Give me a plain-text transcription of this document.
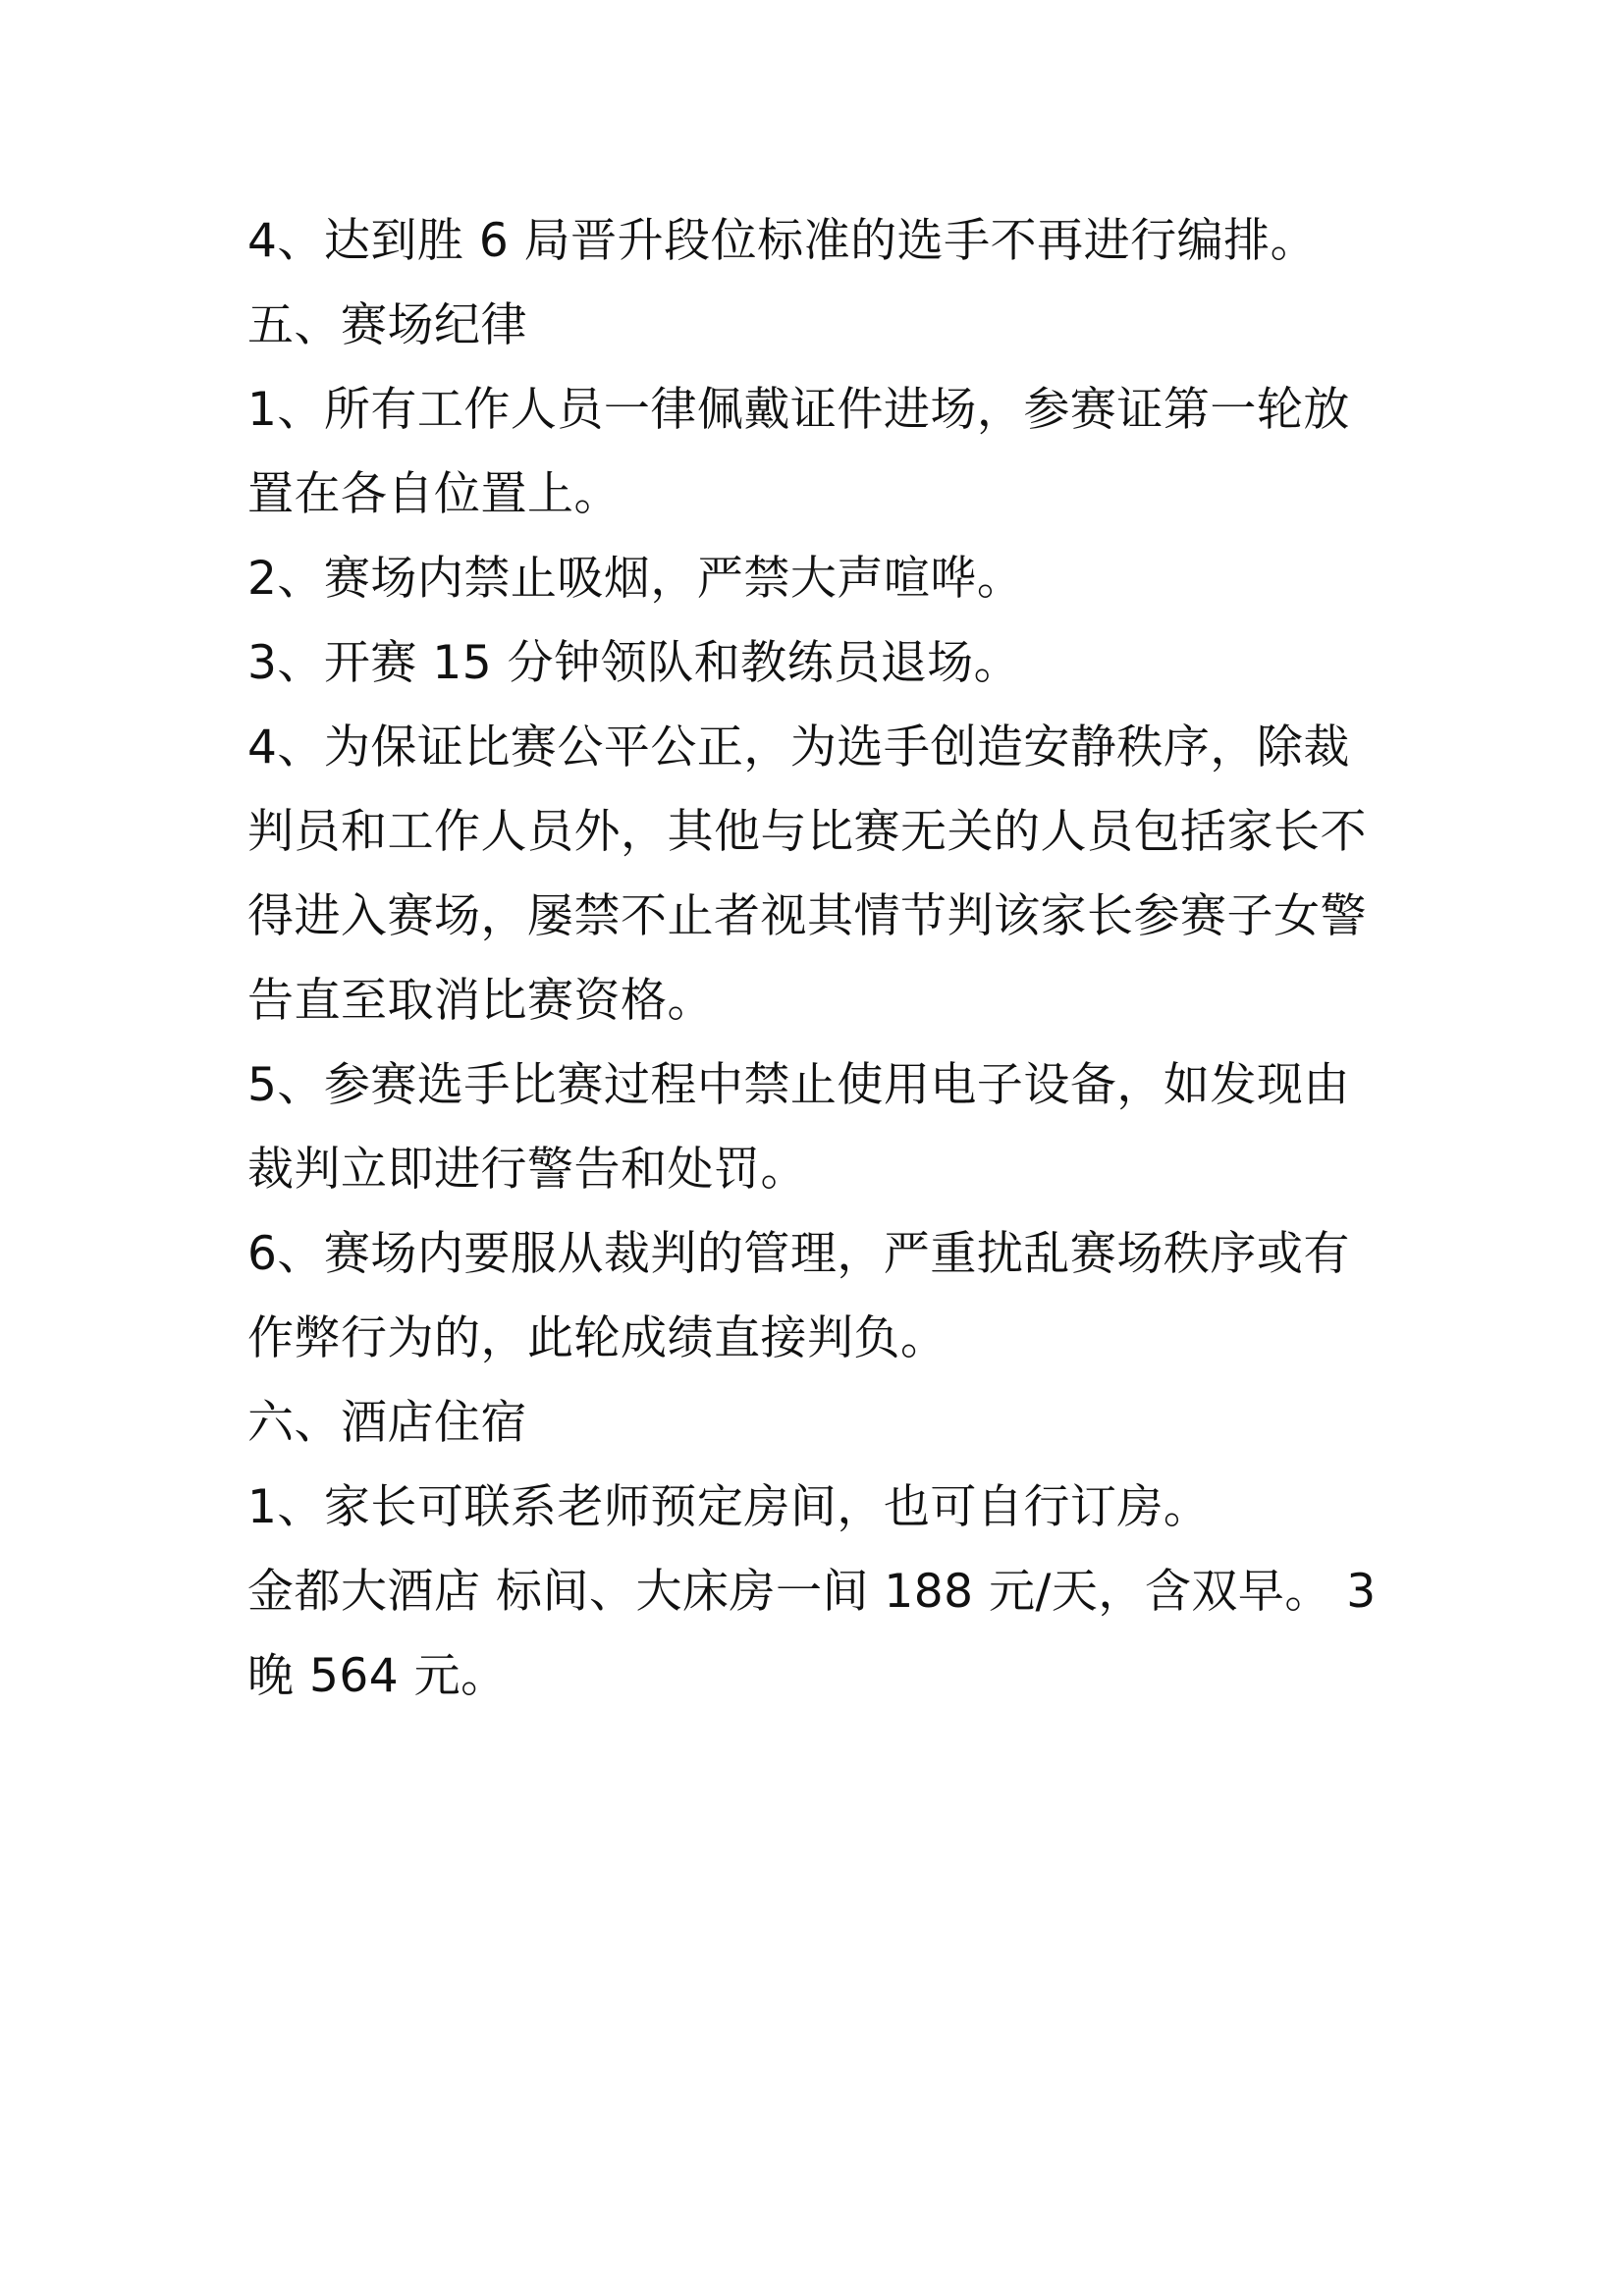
4、达到胜 6 局晋升段位标准的选手不再进行编排。

五、赛场纪律

1、所有工作人员一律佩戴证件进场，参赛证第一轮放置在各自位置上。

2、赛场内禁止吸烟，严禁大声喧哗。

3、开赛 15 分钟领队和教练员退场。

4、为保证比赛公平公正，为选手创造安静秩序，除裁判员和工作人员外，其他与比赛无关的人员包括家长不得进入赛场，屡禁不止者视其情节判该家长参赛子女警告直至取消比赛资格。

5、参赛选手比赛过程中禁止使用电子设备，如发现由裁判立即进行警告和处罚。

6、赛场内要服从裁判的管理，严重扰乱赛场秩序或有作弊行为的，此轮成绩直接判负。

六、酒店住宿

1、家长可联系老师预定房间，也可自行订房。

金都大酒店 标间、大床房一间 188 元/天，含双早。 3 晚 564 元。
